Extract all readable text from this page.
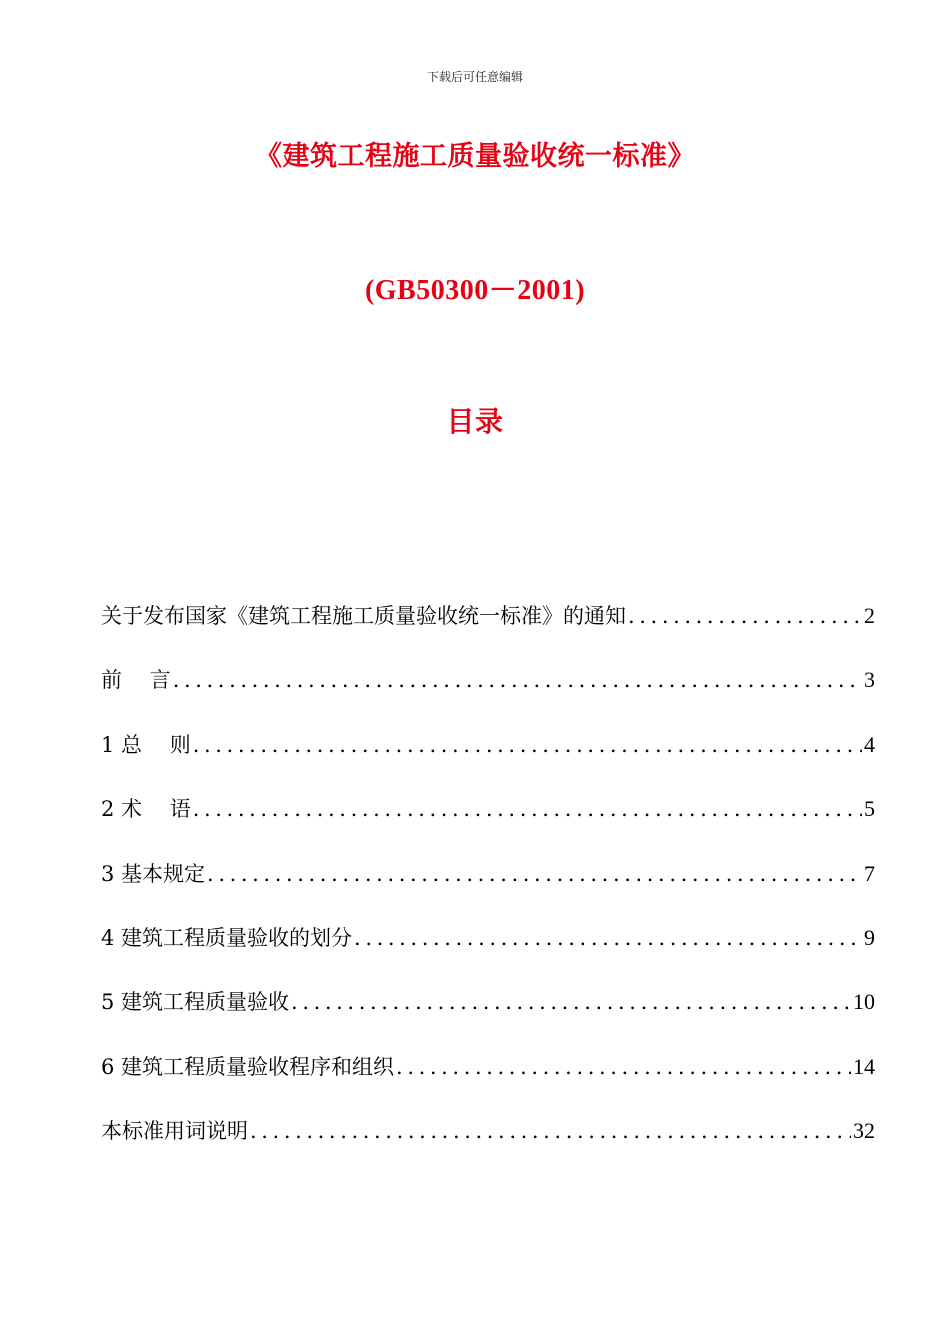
下载后可任意编辑
《建筑工程施工质量验收统一标准》
(GB50300－2001)
目录
关于发布国家《建筑工程施工质量验收统一标准》的通知 .....	2
前　 言 .....	3
1 总　 则 .....	4
2 术　 语 .....	5
3 基本规定 .....	7
4 建筑工程质量验收的划分 .....	9
5 建筑工程质量验收 .....	10
6 建筑工程质量验收程序和组织 .....	14
本标准用词说明 .....	32
